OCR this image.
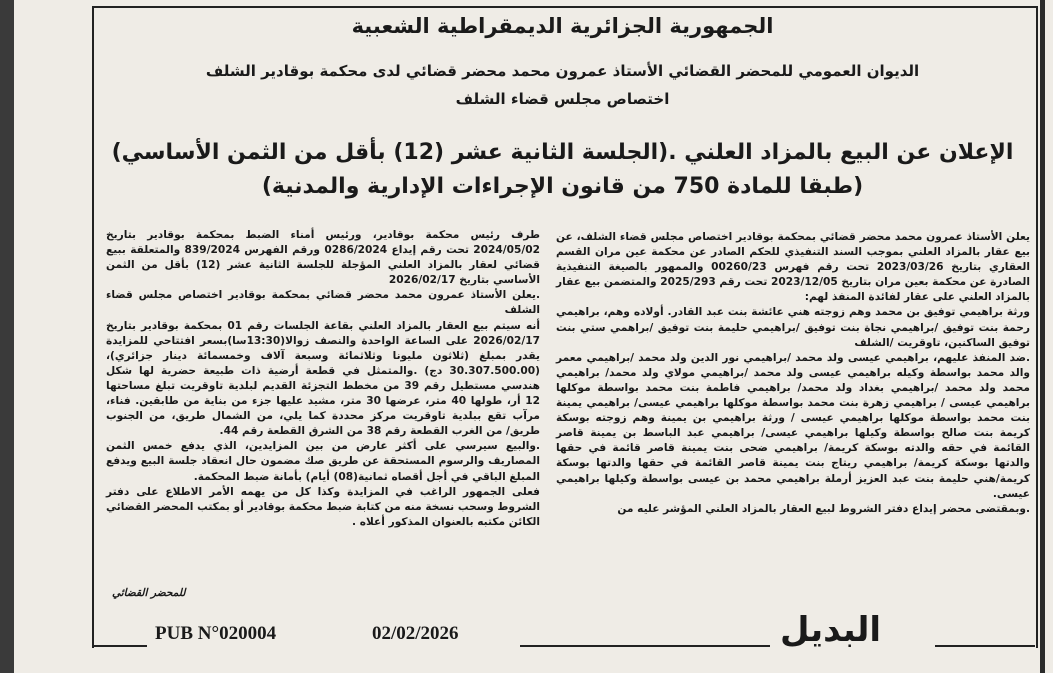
الجمهورية الجزائرية الديمقراطية الشعبية
الديوان العمومي للمحضر القضائي الأستاذ عمرون محمد محضر قضائي لدى محكمة بوقادير الشلف
اختصاص مجلس قضاء الشلف
الإعلان عن البيع بالمزاد العلني .(الجلسة الثانية عشر (12) بأقل من الثمن الأساسي)
(طبقا للمادة 750 من قانون الإجراءات الإدارية والمدنية)

يعلن الأستاذ عمرون محمد محضر قضائي بمحكمة بوقادير اختصاص مجلس قضاء الشلف، عن بيع عقار بالمزاد العلني بموجب السند التنفيذي للحكم الصادر عن محكمة عين مران القسم العقاري بتاريخ 2023/03/26 تحت رقم فهرس 00260/23 والممهور بالصيغة التنفيذية الصادرة عن محكمة بعين مران بتاريخ 2023/12/05 تحت رقم 2025/293 والمتضمن بيع عقار بالمزاد العلني على عقار لفائدة المنفذ لهم:

ورثة براهيمي توفيق بن محمد وهم زوجته هني عائشة بنت عبد القادر. أولاده وهم، براهيمي رحمة بنت توفيق /براهيمي نجاة بنت توفيق /براهيمي حليمة بنت توفيق /براهمي ستي بنت توفيق الساكنين، تاوقريت /الشلف

.ضد المنفذ عليهم، براهيمي عيسى ولد محمد /براهيمي نور الدين ولد محمد /براهيمي معمر والد محمد بواسطة وكيله براهيمي عيسى ولد محمد /براهيمي مولاي ولد محمد/ براهيمي محمد ولد محمد /براهيمي بغداد ولد محمد/ براهيمي فاطمة بنت محمد بواسطة موكلها براهيمي عيسى / براهيمي زهرة بنت محمد بواسطة موكلها براهيمي عيسى/ براهيمي يمينة بنت محمد بواسطة موكلها براهيمي عيسى / ورثة براهيمي بن يمينة وهم زوجته بوسكة كريمة بنت صالح بواسطة وكيلها براهيمي عيسى/ براهيمي عبد الباسط بن يمينة قاصر القائمة في حقه والدته بوسكة كريمة/ براهيمي ضحى بنت يمينة قاصر قائمة في حقها والدتها بوسكة كريمة/ براهيمي ريتاج بنت يمينة قاصر القائمة في حقها والدتها بوسكة كريمة/هني حليمة بنت عبد العزيز أرملة براهيمي محمد بن عيسى بواسطة وكيلها براهيمي عيسى.

.وبمقتضى محضر إيداع دفتر الشروط لبيع العقار بالمزاد العلني المؤشر عليه من

طرف رئيس محكمة بوقادير، ورئيس أمناء الضبط بمحكمة بوقادير بتاريخ 2024/05/02 تحت رقم إيداع 0286/2024 ورقم الفهرس 839/2024 والمتعلقة ببيع قضائي لعقار بالمزاد العلني المؤجلة للجلسة الثانية عشر (12) بأقل من الثمن الأساسي بتاريخ 2026/02/17

.يعلن الأستاذ عمرون محمد محضر قضائي بمحكمة بوقادير اختصاص مجلس قضاء الشلف

أنه سيتم بيع العقار بالمزاد العلني بقاعة الجلسات رقم 01 بمحكمة بوقادير بتاريخ 2026/02/17 على الساعة الواحدة والنصف زوالا(13:30سا)بسعر افتتاحي للمزايدة يقدر بمبلغ (ثلاثون مليونا وثلاثمائة وسبعة آلاف وخمسمائة دينار جزائري)،(30.307.500.00 دج) .والمتمثل في قطعة أرضية ذات طبيعة حضرية لها شكل هندسي مستطيل رقم 39 من مخطط التجزئة القديم لبلدية تاوقريت تبلغ مساحتها 12 أر، طولها 40 متر، عرضها 30 متر، مشيد عليها جزء من بناية من طابقين. فناء، مرآب تقع ببلدية تاوقريت مركز محددة كما يلي، من الشمال طريق، من الجنوب طريق/ من الغرب القطعة رقم 38 من الشرق القطعة رقم 44.

.والبيع سيرسي على أكثر عارض من بين المزايدين، الذي يدفع خمس الثمن المصاريف والرسوم المستحقة عن طريق صك مضمون حال انعقاد جلسة البيع ويدفع المبلغ الباقي في أجل أقصاه ثمانية(08) أيام) بأمانة ضبط المحكمة.

فعلى الجمهور الراغب في المزايدة وكذا كل من يهمه الأمر الاطلاع على دفتر الشروط وسحب نسخة منه من كتابة ضبط محكمة بوقادير أو بمكتب المحضر القضائي الكائن مكتبه بالعنوان المذكور أعلاه .

للمحضر القضائي
البديل
PUB N°020004	02/02/2026
